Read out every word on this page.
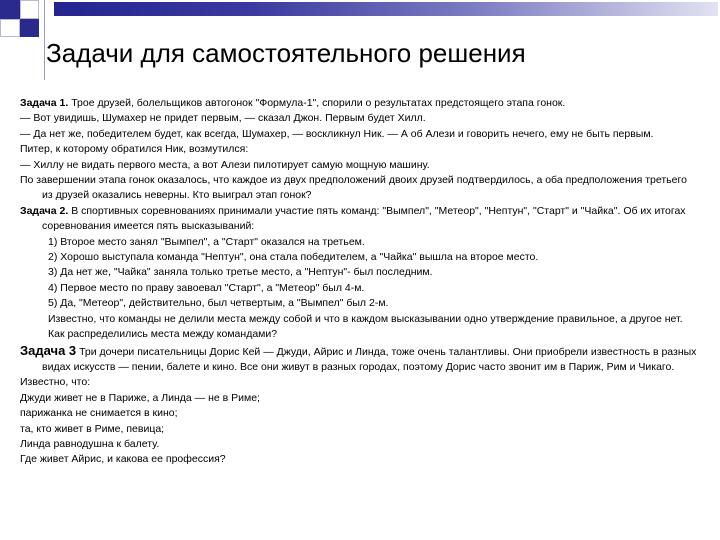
Задачи для самостоятельного решения

Задача 1. Трое друзей, болельщиков автогонок "Формула-1", спорили о результатах предстоящего этапа гонок.

— Вот увидишь, Шумахер не придет первым, — сказал Джон. Первым будет Хилл.

— Да нет же, победителем будет, как всегда, Шумахер, — воскликнул Ник. — А об Алези и говорить нечего, ему не быть первым.

Питер, к которому обратился Ник, возмутился:

— Хиллу не видать первого места, а вот Алези пилотирует самую мощную машину.

По завершении этапа гонок оказалось, что каждое из двух предположений двоих друзей подтвердилось, а оба предположения третьего из друзей оказались неверны. Кто выиграл этап гонок?

Задача 2. В спортивных соревнованиях принимали участие пять команд: "Вымпел", "Метеор", "Нептун", "Старт" и "Чайка". Об их итогах соревнования имеется пять высказываний:

1) Второе место занял "Вымпел", а "Старт" оказался на третьем.

2) Хорошо выступала команда "Нептун", она стала победителем, а "Чайка" вышла на второе место.

3) Да нет же, "Чайка" заняла только третье место, а "Нептун"- был последним.

4) Первое место по праву завоевал "Старт", а "Метеор" был 4-м.

5) Да, "Метеор", действительно, был четвертым, а "Вымпел" был 2-м.

Известно, что команды не делили места между собой и что в каждом высказывании одно утверждение правильное, а другое нет.

Как распределились места между командами?

Задача 3 Три дочери писательницы Дорис Кей — Джуди, Айрис и Линда, тоже очень талантливы. Они приобрели известность в разных видах искусств — пении, балете и кино. Все они живут в разных городах, поэтому Дорис часто звонит им в Париж, Рим и Чикаго.

Известно, что:

Джуди живет не в Париже, а Линда — не в Риме;

парижанка не снимается в кино;

та, кто живет в Риме, певица;

Линда равнодушна к балету.

Где живет Айрис, и какова ее профессия?
